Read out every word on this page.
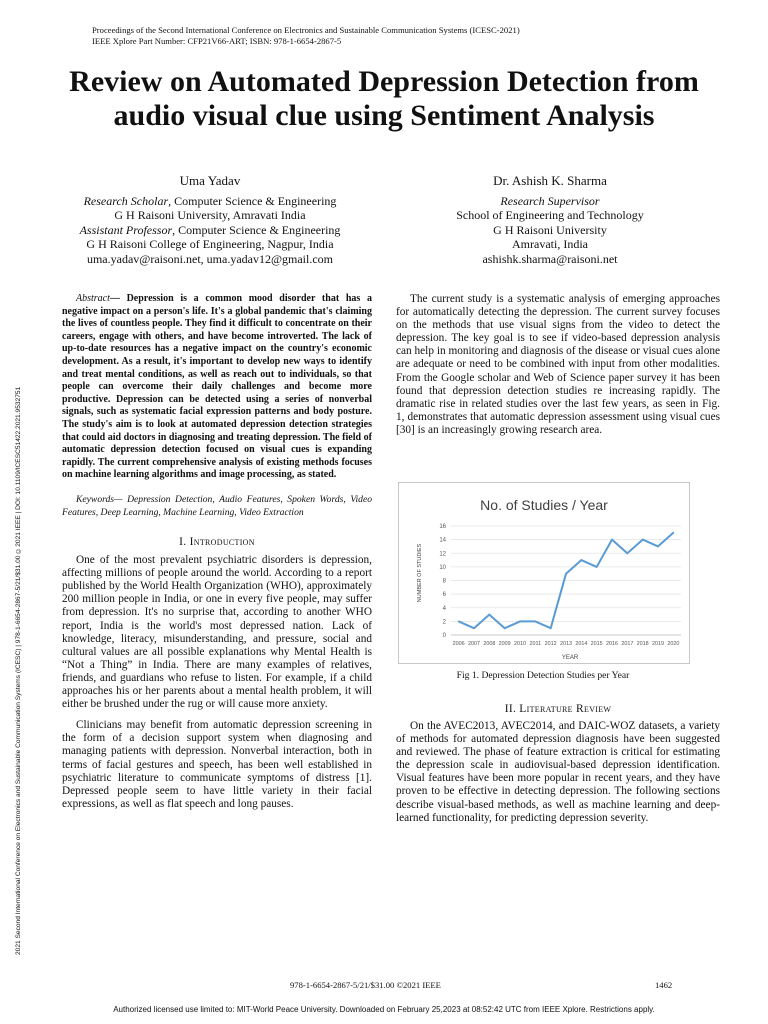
Proceedings of the Second International Conference on Electronics and Sustainable Communication Systems (ICESC-2021)
IEEE Xplore Part Number: CFP21V66-ART; ISBN: 978-1-6654-2867-5
2021 Second International Conference on Electronics and Sustainable Communication Systems (ICESC) | 978-1-6654-2867-5/21/$31.00 ©2021 IEEE | DOI: 10.1109/ICESC51422.2021.9532751
Review on Automated Depression Detection from
audio visual clue using Sentiment Analysis
Uma Yadav
Research Scholar, Computer Science & Engineering
G H Raisoni University, Amravati India
Assistant Professor, Computer Science & Engineering
G H Raisoni College of Engineering, Nagpur, India
uma.yadav@raisoni.net, uma.yadav12@gmail.com
Dr. Ashish K. Sharma
Research Supervisor
School of Engineering and Technology
G H Raisoni University
Amravati, India
ashishk.sharma@raisoni.net

Abstract— Depression is a common mood disorder that has a negative impact on a person's life. It's a global pandemic that's claiming the lives of countless people. They find it difficult to concentrate on their careers, engage with others, and have become introverted. The lack of up-to-date resources has a negative impact on the country's economic development. As a result, it's important to develop new ways to identify and treat mental conditions, as well as reach out to individuals, so that people can overcome their daily challenges and become more productive. Depression can be detected using a series of nonverbal signals, such as systematic facial expression patterns and body posture. The study's aim is to look at automated depression detection strategies that could aid doctors in diagnosing and treating depression. The field of automatic depression detection focused on visual cues is expanding rapidly. The current comprehensive analysis of existing methods focuses on machine learning algorithms and image processing, as stated.

Keywords— Depression Detection, Audio Features, Spoken Words, Video Features, Deep Learning, Machine Learning, Video Extraction

I. Introduction

One of the most prevalent psychiatric disorders is depression, affecting millions of people around the world. According to a report published by the World Health Organization (WHO), approximately 200 million people in India, or one in every five people, may suffer from depression. It's no surprise that, according to another WHO report, India is the world's most depressed nation. Lack of knowledge, literacy, misunderstanding, and pressure, social and cultural values are all possible explanations why Mental Health is “Not a Thing” in India. There are many examples of relatives, friends, and guardians who refuse to listen. For example, if a child approaches his or her parents about a mental health problem, it will either be brushed under the rug or will cause more anxiety.

Clinicians may benefit from automatic depression screening in the form of a decision support system when diagnosing and managing patients with depression. Nonverbal interaction, both in terms of facial gestures and speech, has been well established in psychiatric literature to communicate symptoms of distress [1]. Depressed people seem to have little variety in their facial expressions, as well as flat speech and long pauses.

The current study is a systematic analysis of emerging approaches for automatically detecting the depression. The current survey focuses on the methods that use visual signs from the video to detect the depression. The key goal is to see if video-based depression analysis can help in monitoring and diagnosis of the disease or visual cues alone are adequate or need to be combined with input from other modalities. From the Google scholar and Web of Science paper survey it has been found that depression detection studies re increasing rapidly. The dramatic rise in related studies over the last few years, as seen in Fig. 1, demonstrates that automatic depression assessment using visual cues [30] is an increasingly growing research area.

No. of Studies / Year
NUMBER OF STUDIES
YEAR
0
2
4
6
8
10
12
14
16
2006 2007 2008 2009 2010 2011 2012 2013 2014 2015 2016 2017 2018 2019 2020
Fig 1. Depression Detection Studies per Year
II. Literature Review

On the AVEC2013, AVEC2014, and DAIC-WOZ datasets, a variety of methods for automated depression diagnosis have been suggested and reviewed. The phase of feature extraction is critical for estimating the depression scale in audiovisual-based depression identification. Visual features have been more popular in recent years, and they have proven to be effective in detecting depression. The following sections describe visual-based methods, as well as machine learning and deep-learned functionality, for predicting depression severity.

978-1-6654-2867-5/21/$31.00 ©2021 IEEE	1462
Authorized licensed use limited to: MIT-World Peace University. Downloaded on February 25,2023 at 08:52:42 UTC from IEEE Xplore. Restrictions apply.
